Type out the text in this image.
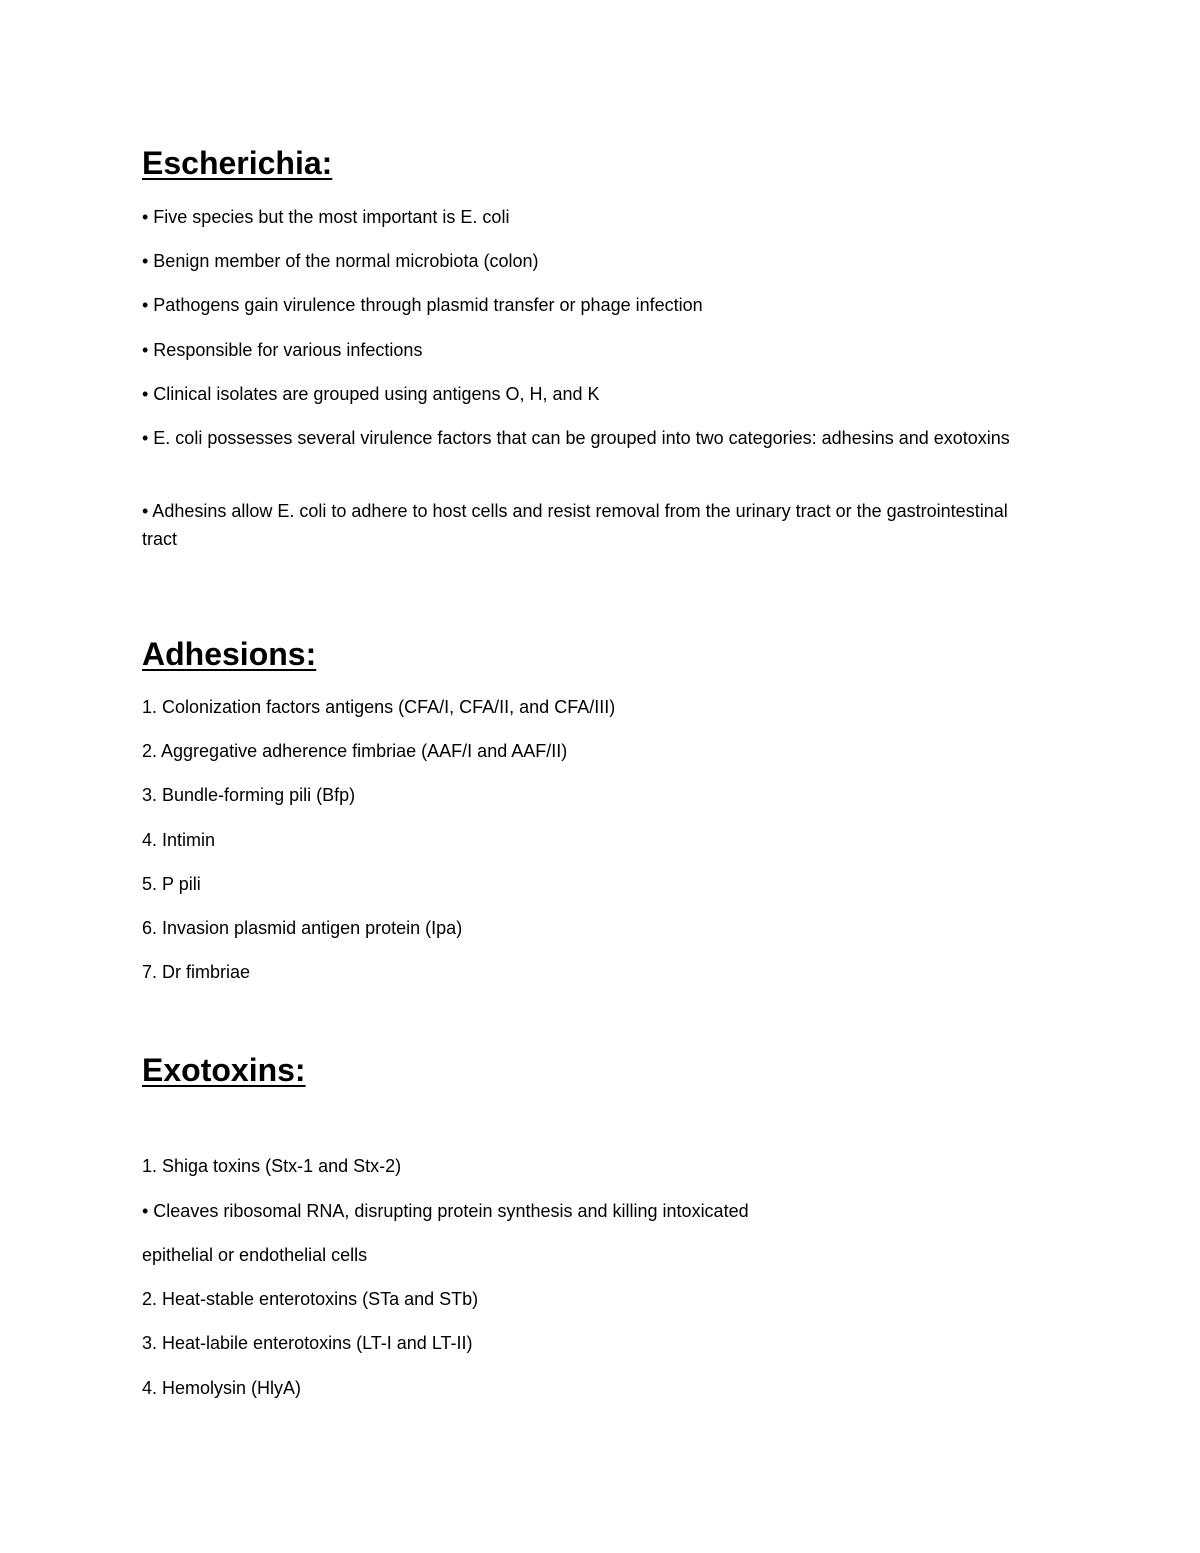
Escherichia:

• Five species but the most important is E. coli

• Benign member of the normal microbiota (colon)

• Pathogens gain virulence through plasmid transfer or phage infection

• Responsible for various infections

• Clinical isolates are grouped using antigens O, H, and K

• E. coli possesses several virulence factors that can be grouped into two categories: adhesins and exotoxins

• Adhesins allow E. coli to adhere to host cells and resist removal from the urinary tract or the gastrointestinal tract

Adhesions:

1. Colonization factors antigens (CFA/I, CFA/II, and CFA/III)

2. Aggregative adherence fimbriae (AAF/I and AAF/II)

3. Bundle-forming pili (Bfp)

4. Intimin

5. P pili

6. Invasion plasmid antigen protein (Ipa)

7. Dr fimbriae

Exotoxins:

1. Shiga toxins (Stx-1 and Stx-2)

• Cleaves ribosomal RNA, disrupting protein synthesis and killing intoxicated

epithelial or endothelial cells

2. Heat-stable enterotoxins (STa and STb)

3. Heat-labile enterotoxins (LT-I and LT-II)

4. Hemolysin (HlyA)
